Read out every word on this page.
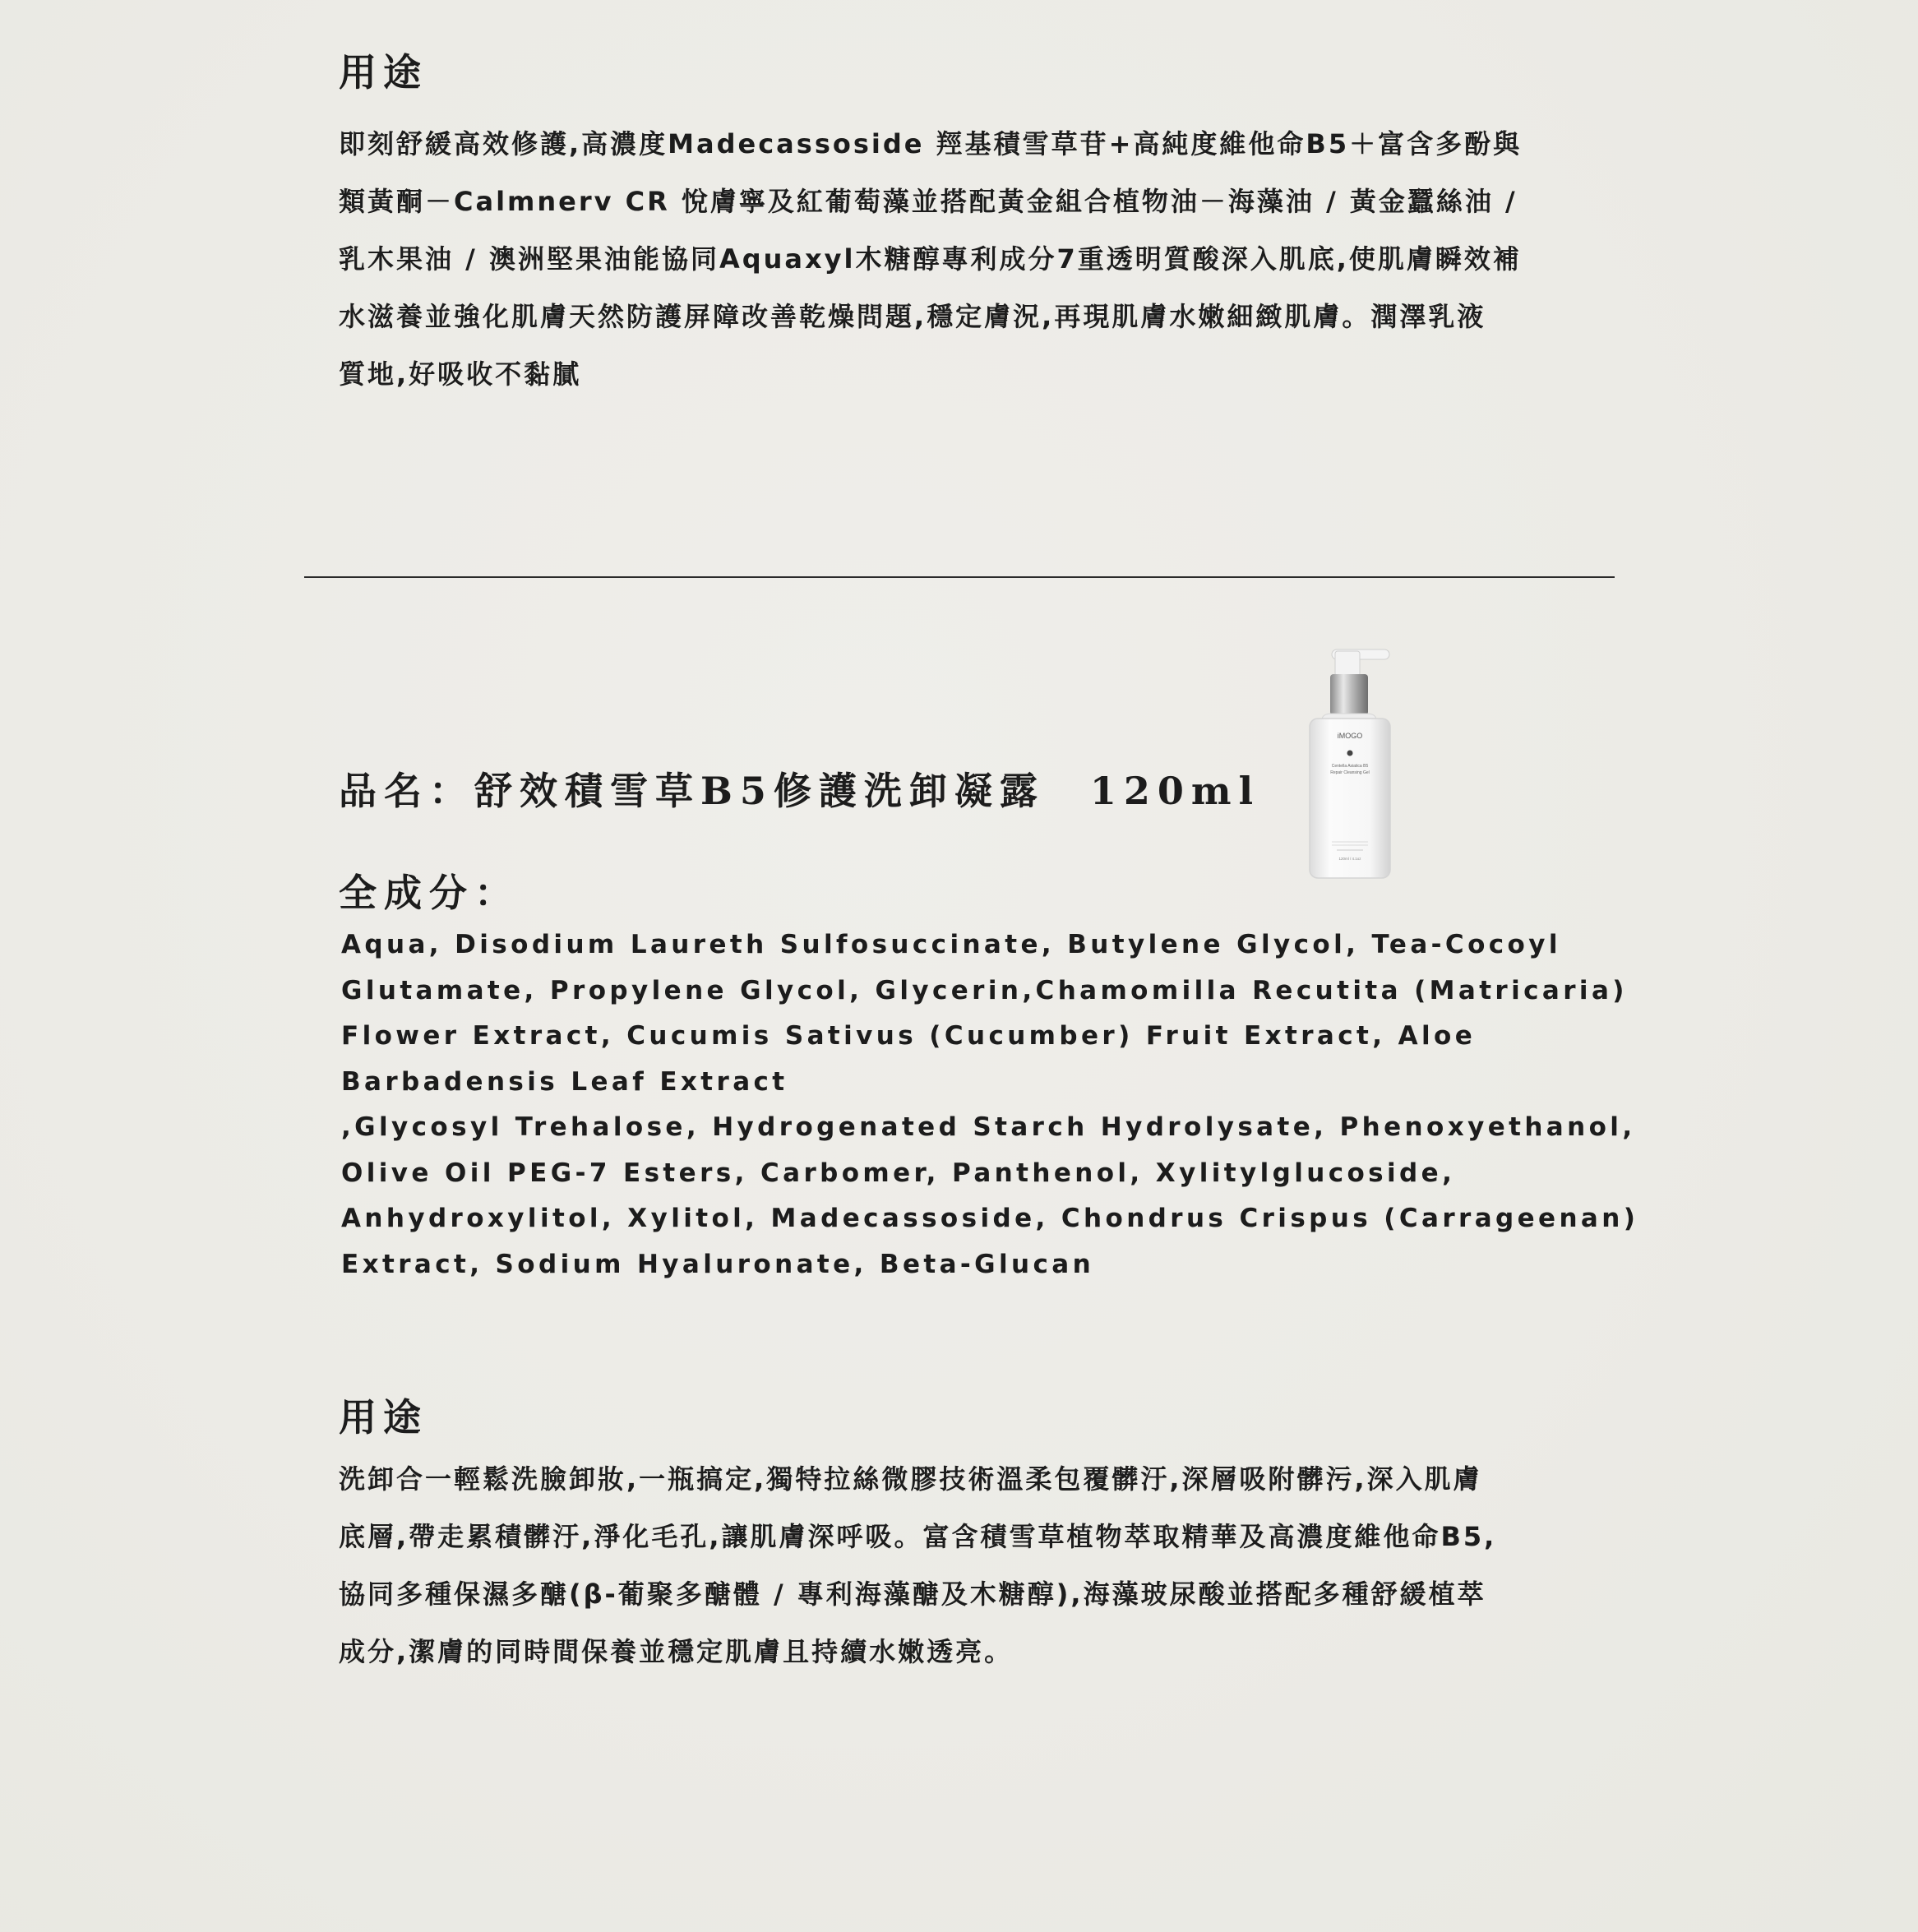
用途

即刻舒緩高效修護,高濃度Madecassoside 羥基積雪草苷+高純度維他命B5＋富含多酚與
類黃酮－Calmnerv CR 悅膚寧及紅葡萄藻並搭配黃金組合植物油－海藻油 / 黃金蠶絲油 /
乳木果油 / 澳洲堅果油能協同Aquaxyl木糖醇專利成分7重透明質酸深入肌底,使肌膚瞬效補
水滋養並強化肌膚天然防護屏障改善乾燥問題,穩定膚況,再現肌膚水嫩細緻肌膚。潤澤乳液
質地,好吸收不黏膩

iMOGO
Centella Asiatica B5
Repair Cleansing Gel
120ml / 4.1oz
品名：舒效積雪草B5修護洗卸凝露　120ml
全成分：

Aqua, Disodium Laureth Sulfosuccinate, Butylene Glycol, Tea-Cocoyl
Glutamate, Propylene Glycol, Glycerin,Chamomilla Recutita (Matricaria)
Flower Extract, Cucumis Sativus (Cucumber) Fruit Extract, Aloe
Barbadensis Leaf Extract
,Glycosyl Trehalose, Hydrogenated Starch Hydrolysate, Phenoxyethanol,
Olive Oil PEG-7 Esters, Carbomer, Panthenol, Xylitylglucoside,
Anhydroxylitol, Xylitol, Madecassoside, Chondrus Crispus (Carrageenan)
Extract, Sodium Hyaluronate, Beta-Glucan

用途

洗卸合一輕鬆洗臉卸妝,一瓶搞定,獨特拉絲微膠技術溫柔包覆髒汙,深層吸附髒污,深入肌膚
底層,帶走累積髒汙,淨化毛孔,讓肌膚深呼吸。富含積雪草植物萃取精華及高濃度維他命B5,
協同多種保濕多醣(β-葡聚多醣體 / 專利海藻醣及木糖醇),海藻玻尿酸並搭配多種舒緩植萃
成分,潔膚的同時間保養並穩定肌膚且持續水嫩透亮。
